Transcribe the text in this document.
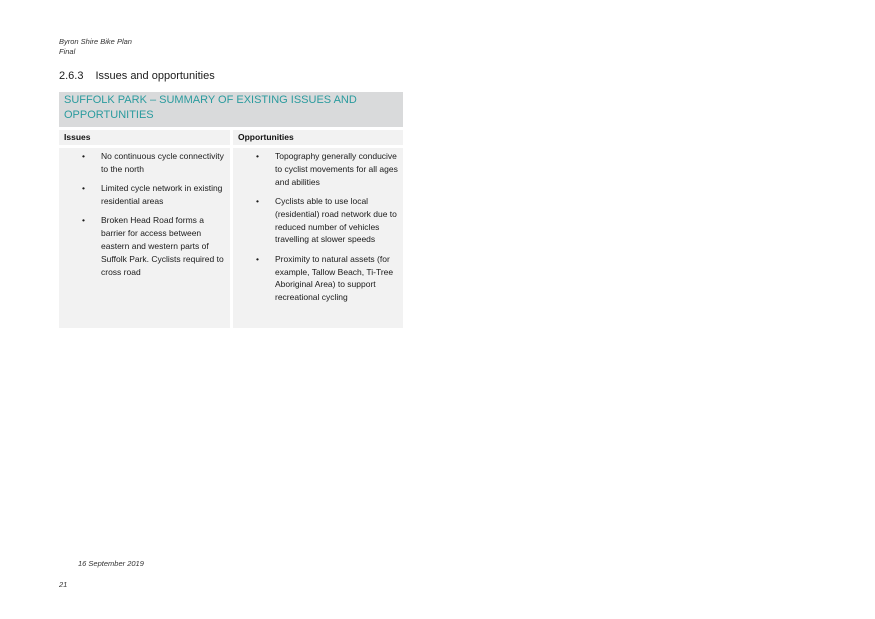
Byron Shire Bike Plan
Final
2.6.3 Issues and opportunities
SUFFOLK PARK – SUMMARY OF EXISTING ISSUES AND OPPORTUNITIES
Issues
• No continuous cycle connectivity to the north
• Limited cycle network in existing residential areas
• Broken Head Road forms a barrier for access between eastern and western parts of Suffolk Park. Cyclists required to cross road
Opportunities
• Topography generally conducive to cyclist movements for all ages and abilities
• Cyclists able to use local (residential) road network due to reduced number of vehicles travelling at slower speeds
• Proximity to natural assets (for example, Tallow Beach, Ti-Tree Aboriginal Area) to support recreational cycling
16 September 2019
21
